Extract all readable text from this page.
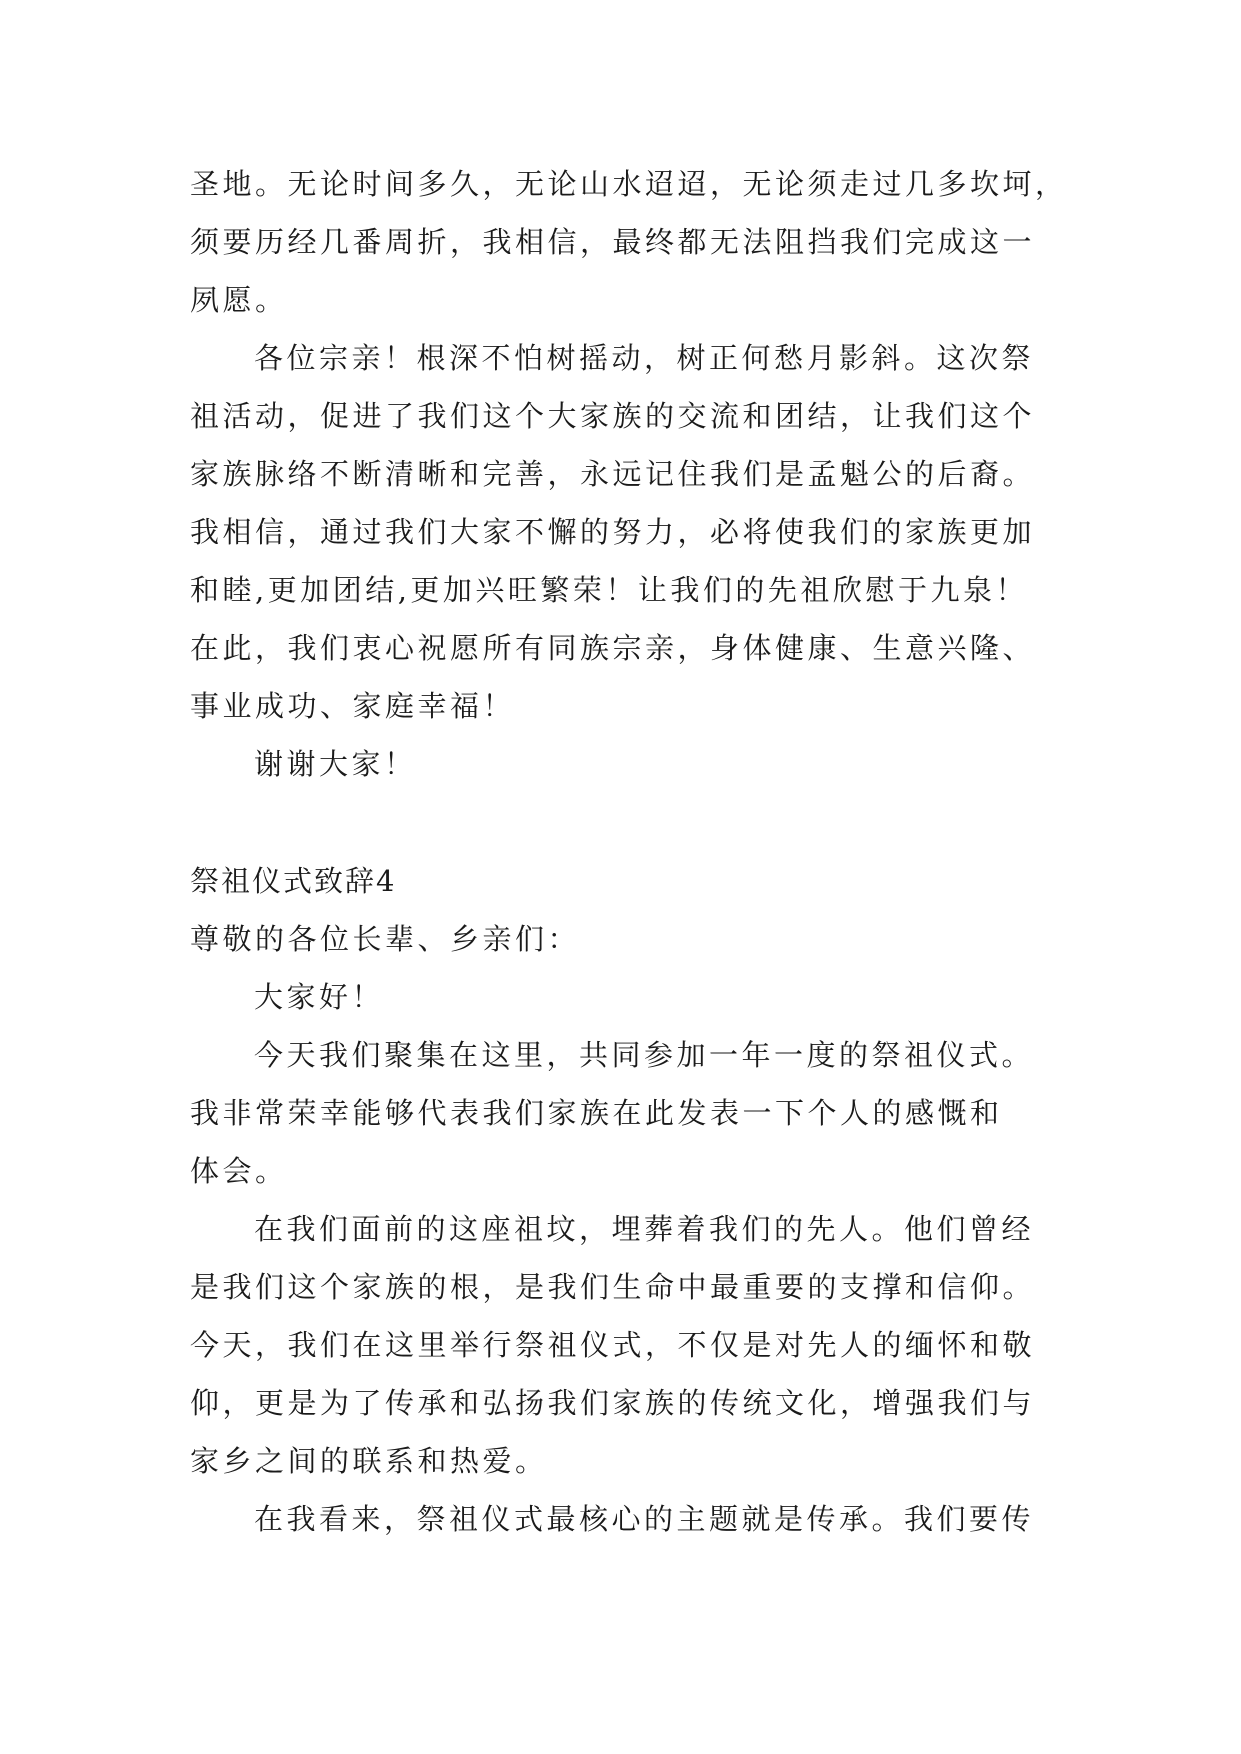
圣地。无论时间多久，无论山水迢迢，无论须走过几多坎坷，
须要历经几番周折，我相信，最终都无法阻挡我们完成这一
夙愿。
各位宗亲！根深不怕树摇动，树正何愁月影斜。这次祭
祖活动，促进了我们这个大家族的交流和团结，让我们这个
家族脉络不断清晰和完善，永远记住我们是孟魁公的后裔。
我相信，通过我们大家不懈的努力，必将使我们的家族更加
和睦,更加团结,更加兴旺繁荣！让我们的先祖欣慰于九泉！
在此，我们衷心祝愿所有同族宗亲，身体健康、生意兴隆、
事业成功、家庭幸福！
谢谢大家！
祭祖仪式致辞4
尊敬的各位长辈、乡亲们：
大家好！
今天我们聚集在这里，共同参加一年一度的祭祖仪式。
我非常荣幸能够代表我们家族在此发表一下个人的感慨和
体会。
在我们面前的这座祖坟，埋葬着我们的先人。他们曾经
是我们这个家族的根，是我们生命中最重要的支撑和信仰。
今天，我们在这里举行祭祖仪式，不仅是对先人的缅怀和敬
仰，更是为了传承和弘扬我们家族的传统文化，增强我们与
家乡之间的联系和热爱。
在我看来，祭祖仪式最核心的主题就是传承。我们要传
